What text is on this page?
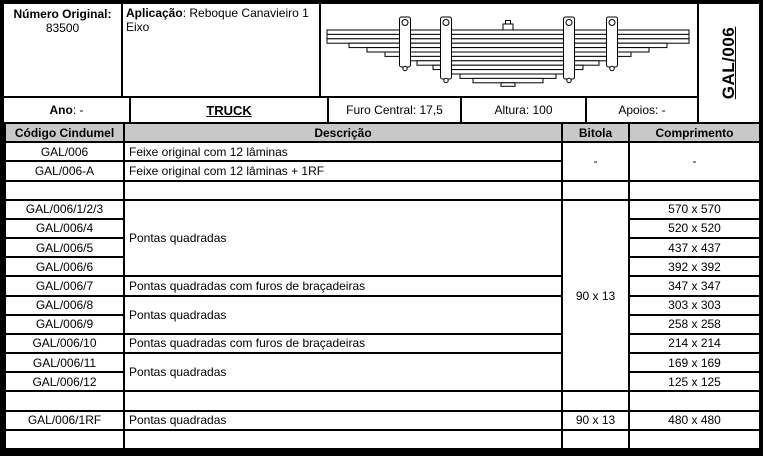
Número Original:
83500
Aplicação: Reboque Canavieiro 1 Eixo
Ano : -	TRUCK	Furo Central: 17,5	Altura: 100	Apoios: -
GAL/006
Código Cindumel	Descrição	Bitola	Comprimento
GAL/006	Feixe original com 12 lâminas	-	-
GAL/006-A	Feixe original com 12 lâminas + 1RF		

GAL/006/1/2/3	Pontas quadradas	90 x 13	570 x 570
GAL/006/4			520 x 520
GAL/006/5			437 x 437
GAL/006/6			392 x 392
GAL/006/7	Pontas quadradas com furos de braçadeiras		347 x 347
GAL/006/8	Pontas quadradas		303 x 303
GAL/006/9			258 x 258
GAL/006/10	Pontas quadradas com furos de braçadeiras		214 x 214
GAL/006/11	Pontas quadradas		169 x 169
GAL/006/12			125 x 125

GAL/006/1RF	Pontas quadradas	90 x 13	480 x 480
